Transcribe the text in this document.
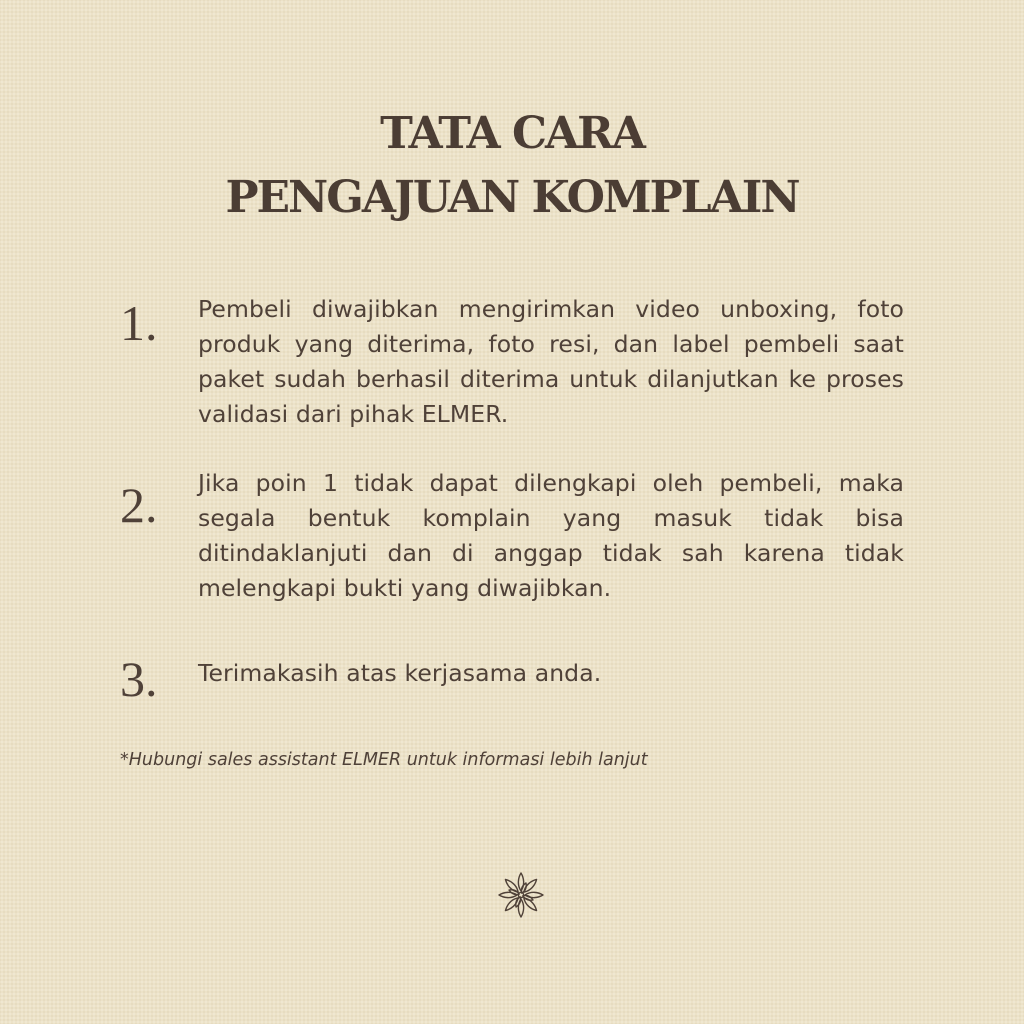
TATA CARA
PENGAJUAN KOMPLAIN
1.	Pembeli diwajibkan mengirimkan video unboxing, foto produk yang diterima, foto resi, dan label pembeli saat paket sudah berhasil diterima untuk dilanjutkan ke proses validasi dari pihak ELMER.
2.	Jika poin 1 tidak dapat dilengkapi oleh pembeli, maka segala bentuk komplain yang masuk tidak bisa ditindaklanjuti dan di anggap tidak sah karena tidak melengkapi bukti yang diwajibkan.
3.	Terimakasih atas kerjasama anda.
*Hubungi sales assistant ELMER untuk informasi lebih lanjut
